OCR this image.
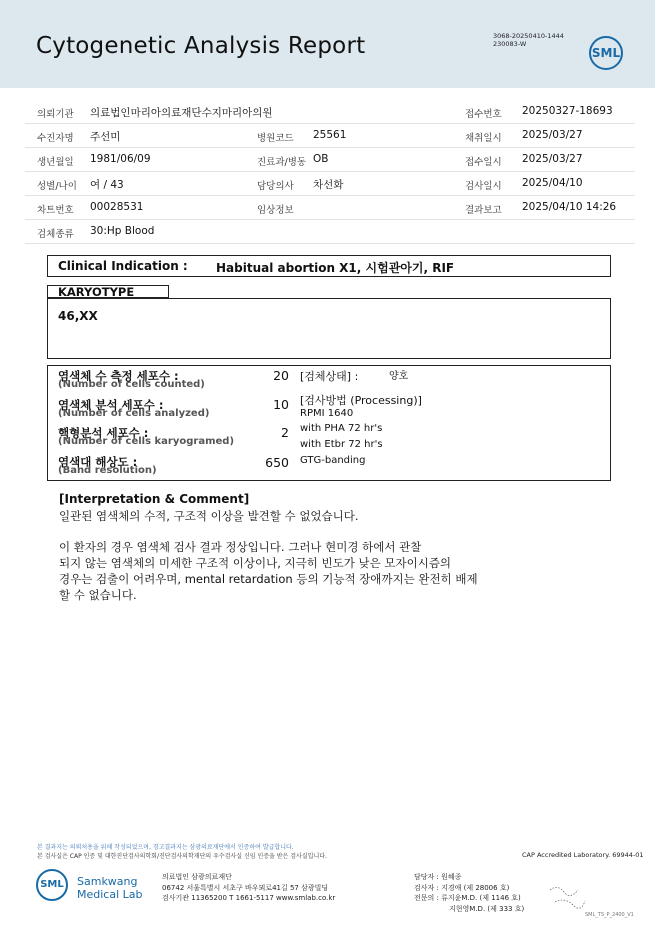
Cytogenetic Analysis Report	3068-20250410-1444
230083-W
SML
의뢰기관 의료법인마리아의료재단수지마리아의원	접수번호 20250327-18693
수진자명 주선미	병원코드 25561	채취일시 2025/03/27
생년월일 1981/06/09	진료과/병동 OB	접수일시 2025/03/27
성별/나이 여 / 43	담당의사 차선화	검사일시 2025/04/10
차트번호 00028531	임상정보	결과보고 2025/04/10 14:26
검체종류 30:Hp Blood
Clinical Indication : Habitual abortion X1, 시험관아기, RIF
46,XX
KARYOTYPE
염색체 수 측정 세포수 :
(Number of cells counted)
20
염색체 분석 세포수 :
(Number of cells analyzed)
10
핵형분석 세포수 :
(Number of cells karyogramed)
2
염색대 해상도 :
(Band resolution)
650
[검체상태] :	양호
[검사방법 (Processing)]
RPMI 1640
with PHA 72 hr's
with Etbr 72 hr's
GTG-banding
[Interpretation & Comment]
일관된 염색체의 수적, 구조적 이상을 발견할 수 없었습니다.
이 환자의 경우 염색체 검사 결과 정상입니다. 그러나 현미경 하에서 관찰
되지 않는 염색체의 미세한 구조적 이상이나, 지극히 빈도가 낮은 모자이시즘의
경우는 검출이 어려우며, mental retardation 등의 기능적 장애까지는 완전히 배제
할 수 없습니다.
본 결과지는 의뢰처용을 위해 작성되었으며, 경고결과지는 삼광의료재단에서 인증하여 발급합니다.
본 검사실은 CAP 인증 및 대한진단검사의학회/진단검사의학재단의 우수검사실 신임 인증을 받은 검사실입니다.	CAP Accredited Laboratory. 69944-01
SML Samkwang
Medical Lab
의료법인 삼광의료재단
06742 서울특별시 서초구 바우뫼로41길 57 삼광빌딩
검사기관 11365200 T 1661-5117 www.smlab.co.kr
담당자 : 원혜종
검사자 : 지경애 (제 28006 호)
전문의 : 류지윤M.D. (제 1146 호)
지현영M.D. (제 333 호)
SML_TS_P_2400_V1
